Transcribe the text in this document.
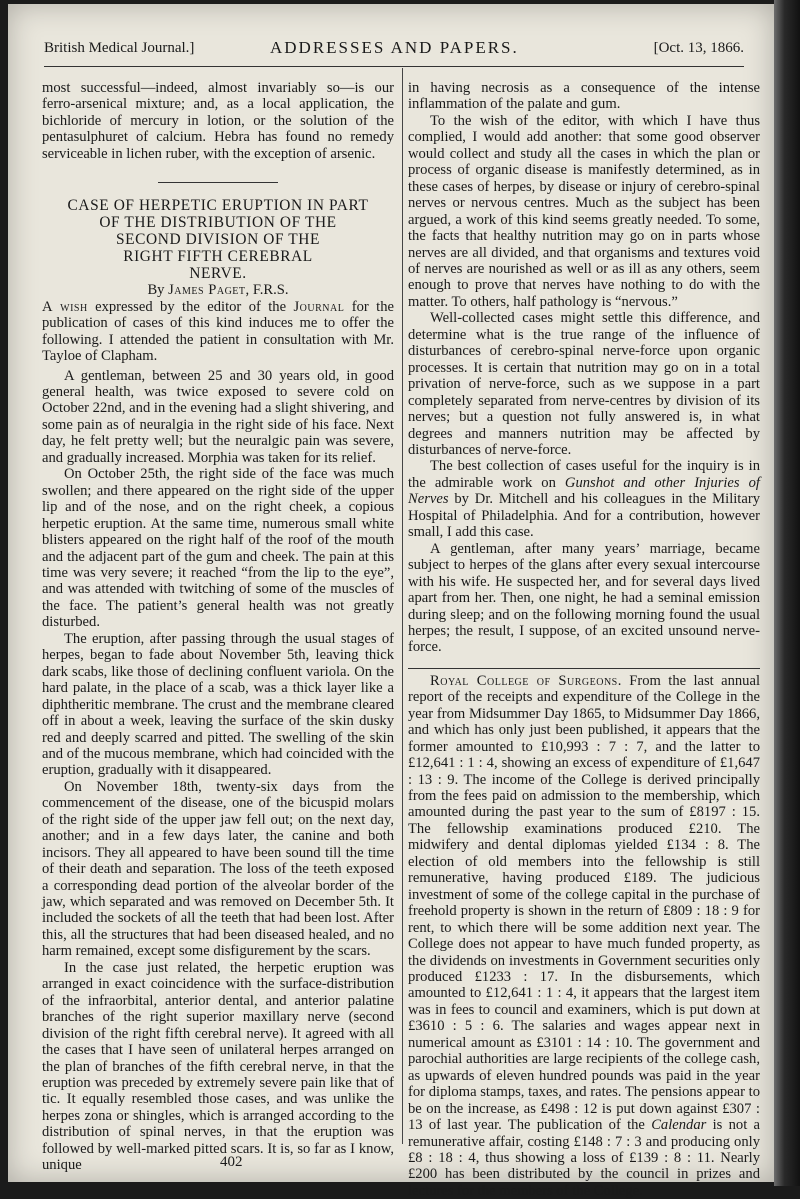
British Medical Journal.]	ADDRESSES AND PAPERS.	[Oct. 13, 1866.

most successful—indeed, almost invariably so—is our ferro-arsenical mixture; and, as a local application, the bichloride of mercury in lotion, or the solution of the pentasulphuret of calcium. Hebra has found no remedy serviceable in lichen ruber, with the exception of arsenic.

CASE OF HERPETIC ERUPTION IN PART

OF THE DISTRIBUTION OF THE

SECOND DIVISION OF THE

RIGHT FIFTH CEREBRAL

NERVE.

By James Paget, F.R.S.

A wish expressed by the editor of the Journal for the publication of cases of this kind induces me to offer the following. I attended the patient in consultation with Mr. Tayloe of Clapham.

A gentleman, between 25 and 30 years old, in good general health, was twice exposed to severe cold on October 22nd, and in the evening had a slight shivering, and some pain as of neuralgia in the right side of his face. Next day, he felt pretty well; but the neuralgic pain was severe, and gradually increased. Morphia was taken for its relief.

On October 25th, the right side of the face was much swollen; and there appeared on the right side of the upper lip and of the nose, and on the right cheek, a copious herpetic eruption. At the same time, numerous small white blisters appeared on the right half of the roof of the mouth and the adjacent part of the gum and cheek. The pain at this time was very severe; it reached “from the lip to the eye”, and was attended with twitching of some of the muscles of the face. The patient’s general health was not greatly disturbed.

The eruption, after passing through the usual stages of herpes, began to fade about November 5th, leaving thick dark scabs, like those of declining confluent variola. On the hard palate, in the place of a scab, was a thick layer like a diphtheritic membrane. The crust and the membrane cleared off in about a week, leaving the surface of the skin dusky red and deeply scarred and pitted. The swelling of the skin and of the mucous membrane, which had coincided with the eruption, gradually with it disappeared.

On November 18th, twenty-six days from the commencement of the disease, one of the bicuspid molars of the right side of the upper jaw fell out; on the next day, another; and in a few days later, the canine and both incisors. They all appeared to have been sound till the time of their death and separation. The loss of the teeth exposed a corresponding dead portion of the alveolar border of the jaw, which separated and was removed on December 5th. It included the sockets of all the teeth that had been lost. After this, all the structures that had been diseased healed, and no harm remained, except some disfigurement by the scars.

In the case just related, the herpetic eruption was arranged in exact coincidence with the surface-distribution of the infraorbital, anterior dental, and anterior palatine branches of the right superior maxillary nerve (second division of the right fifth cerebral nerve). It agreed with all the cases that I have seen of unilateral herpes arranged on the plan of branches of the fifth cerebral nerve, in that the eruption was preceded by extremely severe pain like that of tic. It equally resembled those cases, and was unlike the herpes zona or shingles, which is arranged according to the distribution of spinal nerves, in that the eruption was followed by well-marked pitted scars. It is, so far as I know, unique

in having necrosis as a consequence of the intense inflammation of the palate and gum.

To the wish of the editor, with which I have thus complied, I would add another: that some good observer would collect and study all the cases in which the plan or process of organic disease is manifestly determined, as in these cases of herpes, by disease or injury of cerebro-spinal nerves or nervous centres. Much as the subject has been argued, a work of this kind seems greatly needed. To some, the facts that healthy nutrition may go on in parts whose nerves are all divided, and that organisms and textures void of nerves are nourished as well or as ill as any others, seem enough to prove that nerves have nothing to do with the matter. To others, half pathology is “nervous.”

Well-collected cases might settle this difference, and determine what is the true range of the influence of disturbances of cerebro-spinal nerve-force upon organic processes. It is certain that nutrition may go on in a total privation of nerve-force, such as we suppose in a part completely separated from nerve-centres by division of its nerves; but a question not fully answered is, in what degrees and manners nutrition may be affected by disturbances of nerve-force.

The best collection of cases useful for the inquiry is in the admirable work on Gunshot and other Injuries of Nerves by Dr. Mitchell and his colleagues in the Military Hospital of Philadelphia. And for a contribution, however small, I add this case.

A gentleman, after many years’ marriage, became subject to herpes of the glans after every sexual intercourse with his wife. He suspected her, and for several days lived apart from her. Then, one night, he had a seminal emission during sleep; and on the following morning found the usual herpes; the result, I suppose, of an excited unsound nerve-force.

Royal College of Surgeons. From the last annual report of the receipts and expenditure of the College in the year from Midsummer Day 1865, to Midsummer Day 1866, and which has only just been published, it appears that the former amounted to £10,993 : 7 : 7, and the latter to £12,641 : 1 : 4, showing an excess of expenditure of £1,647 : 13 : 9. The income of the College is derived principally from the fees paid on admission to the membership, which amounted during the past year to the sum of £8197 : 15. The fellowship examinations produced £210. The midwifery and dental diplomas yielded £134 : 8. The election of old members into the fellowship is still remunerative, having produced £189. The judicious investment of some of the college capital in the purchase of freehold property is shown in the return of £809 : 18 : 9 for rent, to which there will be some addition next year. The College does not appear to have much funded property, as the dividends on investments in Government securities only produced £1233 : 17. In the disbursements, which amounted to £12,641 : 1 : 4, it appears that the largest item was in fees to council and examiners, which is put down at £3610 : 5 : 6. The salaries and wages appear next in numerical amount as £3101 : 14 : 10. The government and parochial authorities are large recipients of the college cash, as upwards of eleven hundred pounds was paid in the year for diploma stamps, taxes, and rates. The pensions appear to be on the increase, as £498 : 12 is put down against £307 : 13 of last year. The publication of the Calendar is not a remunerative affair, costing £148 : 7 : 3 and producing only £8 : 18 : 4, thus showing a loss of £139 : 8 : 11. Nearly £200 has been distributed by the council in prizes and lectures for the members of the College.

402
